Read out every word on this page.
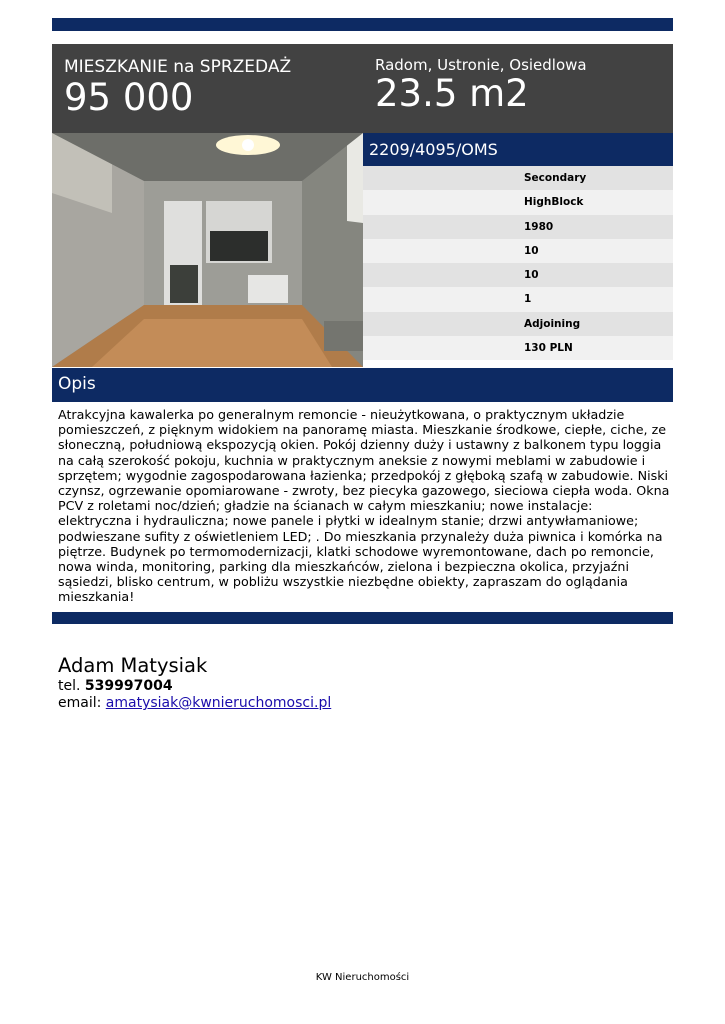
MIESZKANIE na SPRZEDAŻ
95 000
Radom, Ustronie, Osiedlowa
23.5 m2
2209/4095/OMS
Secondary
HighBlock
1980
10
10
1
Adjoining
130 PLN
Opis
Atrakcyjna kawalerka po generalnym remoncie - nieużytkowana, o praktycznym układzie pomieszczeń, z pięknym widokiem na panoramę miasta. Mieszkanie środkowe, ciepłe, ciche, ze słoneczną, południową ekspozycją okien. Pokój dzienny duży i ustawny z balkonem typu loggia na całą szerokość pokoju, kuchnia w praktycznym aneksie z nowymi meblami w zabudowie i sprzętem; wygodnie zagospodarowana łazienka; przedpokój z głęboką szafą w zabudowie. Niski czynsz, ogrzewanie opomiarowane - zwroty, bez piecyka gazowego, sieciowa ciepła woda. Okna PCV z roletami noc/dzień; gładzie na ścianach w całym mieszkaniu; nowe instalacje: elektryczna i hydrauliczna; nowe panele i płytki w idealnym stanie; drzwi antywłamaniowe; podwieszane sufity z oświetleniem LED; . Do mieszkania przynależy duża piwnica i komórka na piętrze. Budynek po termomodernizacji, klatki schodowe wyremontowane, dach po remoncie, nowa winda, monitoring, parking dla mieszkańców, zielona i bezpieczna okolica, przyjaźni sąsiedzi, blisko centrum, w pobliżu wszystkie niezbędne obiekty, zapraszam do oglądania mieszkania!
Adam Matysiak
tel. 539997004
email: amatysiak@kwnieruchomosci.pl
KW Nieruchomości
